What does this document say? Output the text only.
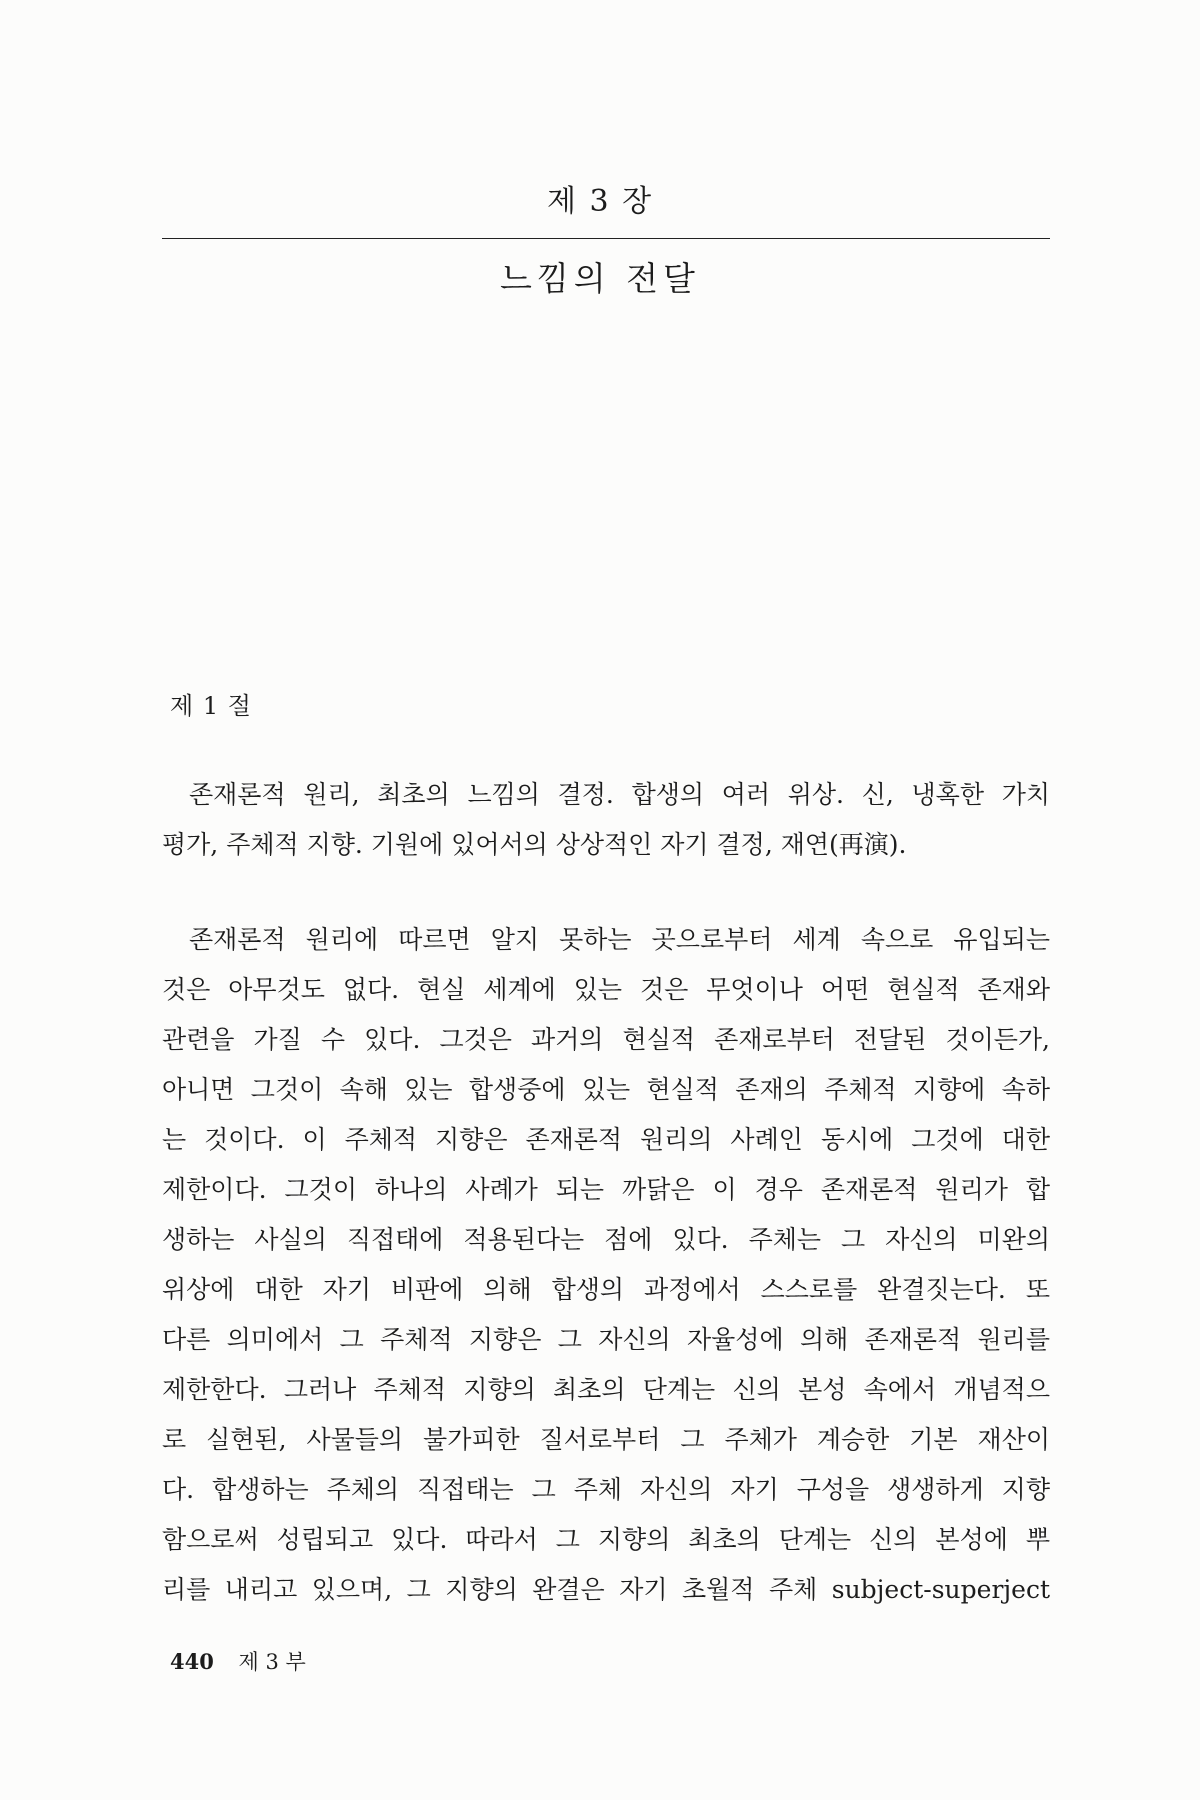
제 3 장
느낌의 전달
제 1 절
존재론적 원리, 최초의 느낌의 결정. 합생의 여러 위상. 신, 냉혹한 가치
평가, 주체적 지향. 기원에 있어서의 상상적인 자기 결정, 재연(再演).
존재론적 원리에 따르면 알지 못하는 곳으로부터 세계 속으로 유입되는
것은 아무것도 없다. 현실 세계에 있는 것은 무엇이나 어떤 현실적 존재와
관련을 가질 수 있다. 그것은 과거의 현실적 존재로부터 전달된 것이든가,
아니면 그것이 속해 있는 합생중에 있는 현실적 존재의 주체적 지향에 속하
는 것이다. 이 주체적 지향은 존재론적 원리의 사례인 동시에 그것에 대한
제한이다. 그것이 하나의 사례가 되는 까닭은 이 경우 존재론적 원리가 합
생하는 사실의 직접태에 적용된다는 점에 있다. 주체는 그 자신의 미완의
위상에 대한 자기 비판에 의해 합생의 과정에서 스스로를 완결짓는다. 또
다른 의미에서 그 주체적 지향은 그 자신의 자율성에 의해 존재론적 원리를
제한한다. 그러나 주체적 지향의 최초의 단계는 신의 본성 속에서 개념적으
로 실현된, 사물들의 불가피한 질서로부터 그 주체가 계승한 기본 재산이
다. 합생하는 주체의 직접태는 그 주체 자신의 자기 구성을 생생하게 지향
함으로써 성립되고 있다. 따라서 그 지향의 최초의 단계는 신의 본성에 뿌
리를 내리고 있으며, 그 지향의 완결은 자기 초월적 주체 subject-superject
440 제 3 부
